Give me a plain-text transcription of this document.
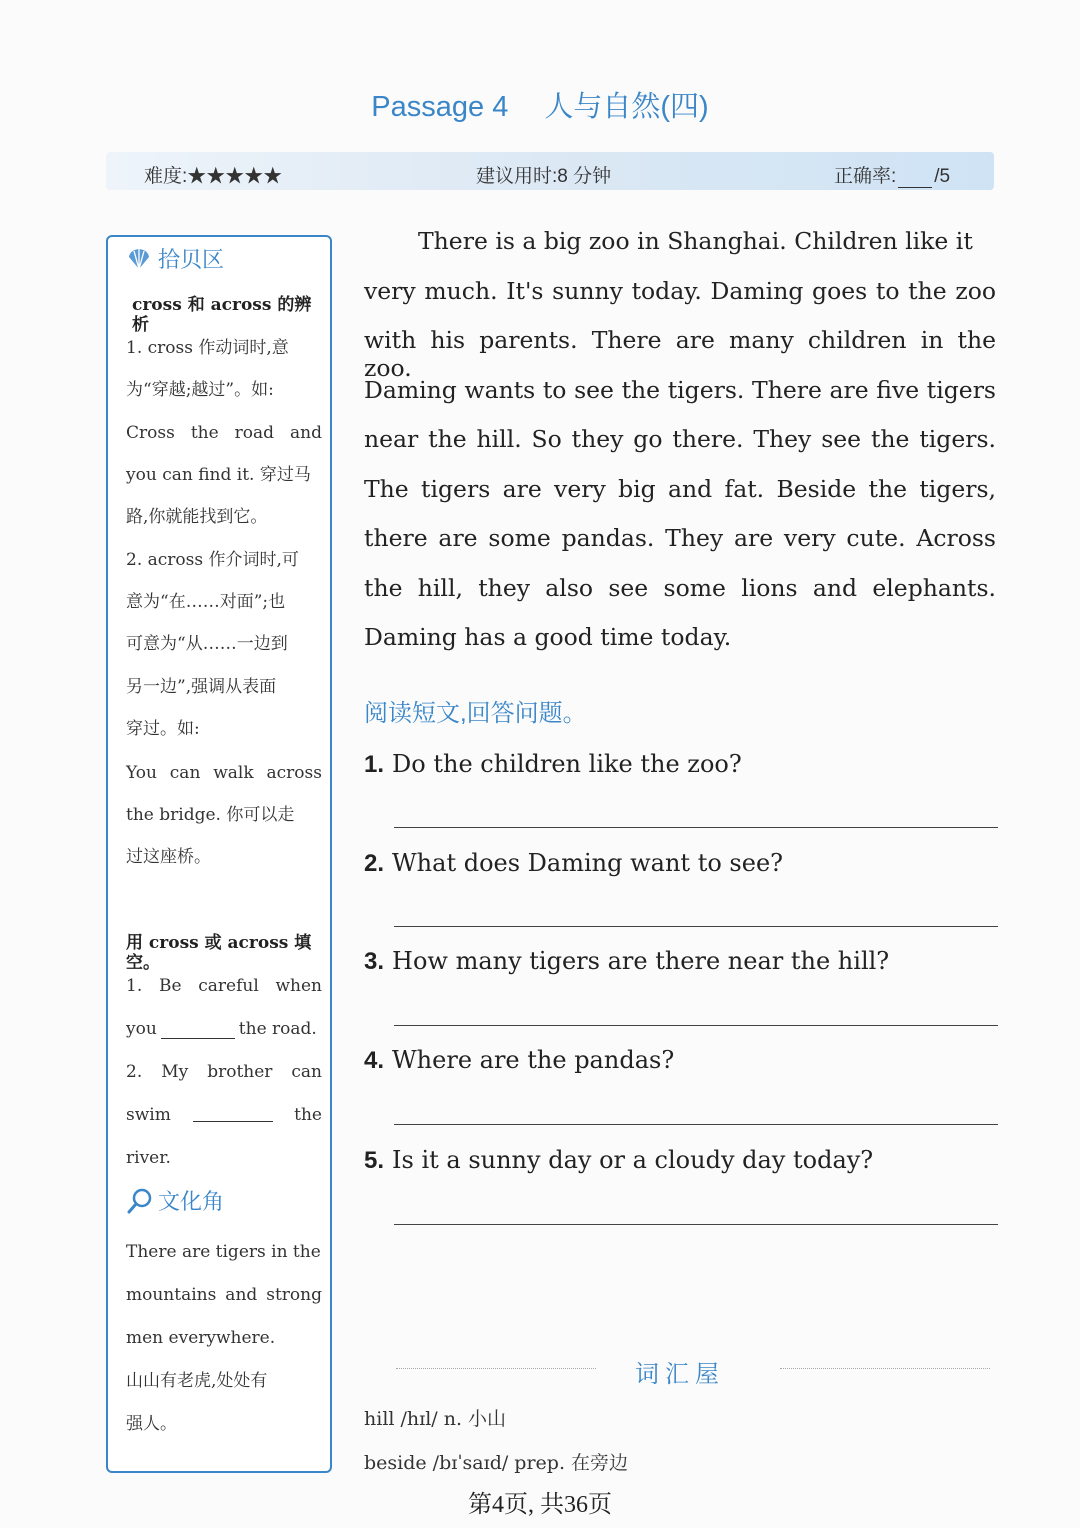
Passage 4 人与自然(四)
难度:★★★★★	建议用时:8 分钟	正确率: /5
拾贝区
cross 和 across 的辨析
1. cross 作动词时,意
为“穿越;越过”。如:
Cross the road and
you can find it. 穿过马
路,你就能找到它。
2. across 作介词时,可
意为“在……对面”;也
可意为“从……一边到
另一边”,强调从表面
穿过。如:
You can walk across
the bridge. 你可以走
过这座桥。
用 cross 或 across 填空。
1. Be careful when
you	the road.
2. My brother can
swim	the
river.
文化角
There are tigers in the
mountains and strong
men everywhere.
山山有老虎,处处有
强人。
There is a big zoo in Shanghai. Children like it
very much. It's sunny today. Daming goes to the zoo
with his parents. There are many children in the zoo.
Daming wants to see the tigers. There are five tigers
near the hill. So they go there. They see the tigers.
The tigers are very big and fat. Beside the tigers,
there are some pandas. They are very cute. Across
the hill, they also see some lions and elephants.
Daming has a good time today.
阅读短文,回答问题。
1. Do the children like the zoo?
2. What does Daming want to see?
3. How many tigers are there near the hill?
4. Where are the pandas?
5. Is it a sunny day or a cloudy day today?
词汇屋
hill /hɪl/ n. 小山
beside /bɪˈsaɪd/ prep. 在旁边
第4页, 共36页
